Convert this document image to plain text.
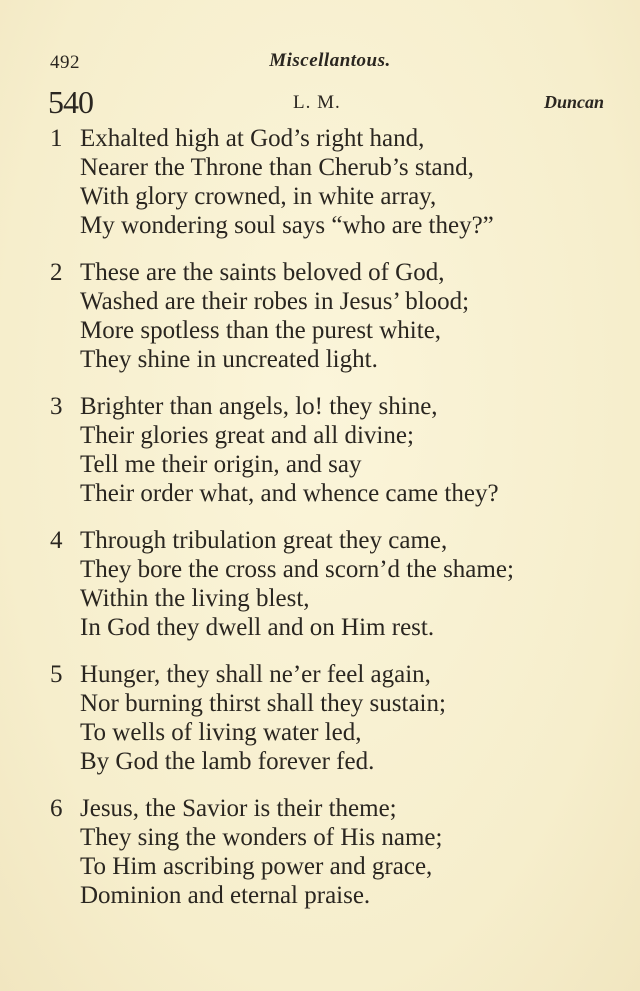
492	Miscellantous.
540	L. M.	Duncan
1 Exhalted high at God’s right hand,
Nearer the Throne than Cherub’s stand,
With glory crowned, in white array,
My wondering soul says “who are they?”
2 These are the saints beloved of God,
Washed are their robes in Jesus’ blood;
More spotless than the purest white,
They shine in uncreated light.
3 Brighter than angels, lo! they shine,
Their glories great and all divine;
Tell me their origin, and say
Their order what, and whence came they?
4 Through tribulation great they came,
They bore the cross and scorn’d the shame;
Within the living blest,
In God they dwell and on Him rest.
5 Hunger, they shall ne’er feel again,
Nor burning thirst shall they sustain;
To wells of living water led,
By God the lamb forever fed.
6 Jesus, the Savior is their theme;
They sing the wonders of His name;
To Him ascribing power and grace,
Dominion and eternal praise.
